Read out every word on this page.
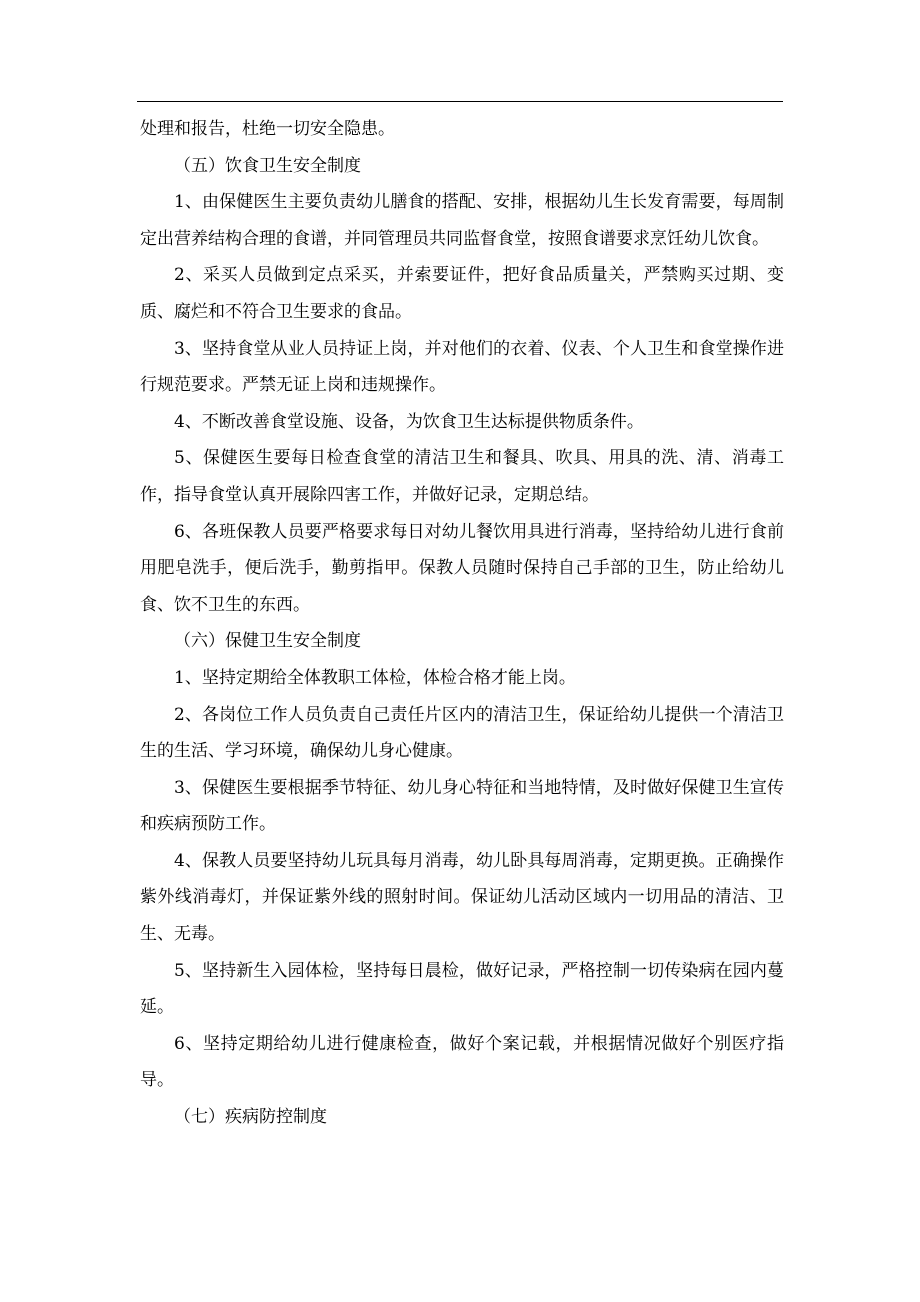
处理和报告，杜绝一切安全隐患。

（五）饮食卫生安全制度

1、由保健医生主要负责幼儿膳食的搭配、安排，根据幼儿生长发育需要，每周制定出营养结构合理的食谱，并同管理员共同监督食堂，按照食谱要求烹饪幼儿饮食。

2、采买人员做到定点采买，并索要证件，把好食品质量关，严禁购买过期、变质、腐烂和不符合卫生要求的食品。

3、坚持食堂从业人员持证上岗，并对他们的衣着、仪表、个人卫生和食堂操作进行规范要求。严禁无证上岗和违规操作。

4、不断改善食堂设施、设备，为饮食卫生达标提供物质条件。

5、保健医生要每日检查食堂的清洁卫生和餐具、吹具、用具的洗、清、消毒工作，指导食堂认真开展除四害工作，并做好记录，定期总结。

6、各班保教人员要严格要求每日对幼儿餐饮用具进行消毒，坚持给幼儿进行食前用肥皂洗手，便后洗手，勤剪指甲。保教人员随时保持自己手部的卫生，防止给幼儿食、饮不卫生的东西。

（六）保健卫生安全制度

1、坚持定期给全体教职工体检，体检合格才能上岗。

2、各岗位工作人员负责自己责任片区内的清洁卫生，保证给幼儿提供一个清洁卫生的生活、学习环境，确保幼儿身心健康。

3、保健医生要根据季节特征、幼儿身心特征和当地特情，及时做好保健卫生宣传和疾病预防工作。

4、保教人员要坚持幼儿玩具每月消毒，幼儿卧具每周消毒，定期更换。正确操作紫外线消毒灯，并保证紫外线的照射时间。保证幼儿活动区域内一切用品的清洁、卫生、无毒。

5、坚持新生入园体检，坚持每日晨检，做好记录，严格控制一切传染病在园内蔓延。

6、坚持定期给幼儿进行健康检查，做好个案记载，并根据情况做好个别医疗指导。

（七）疾病防控制度
